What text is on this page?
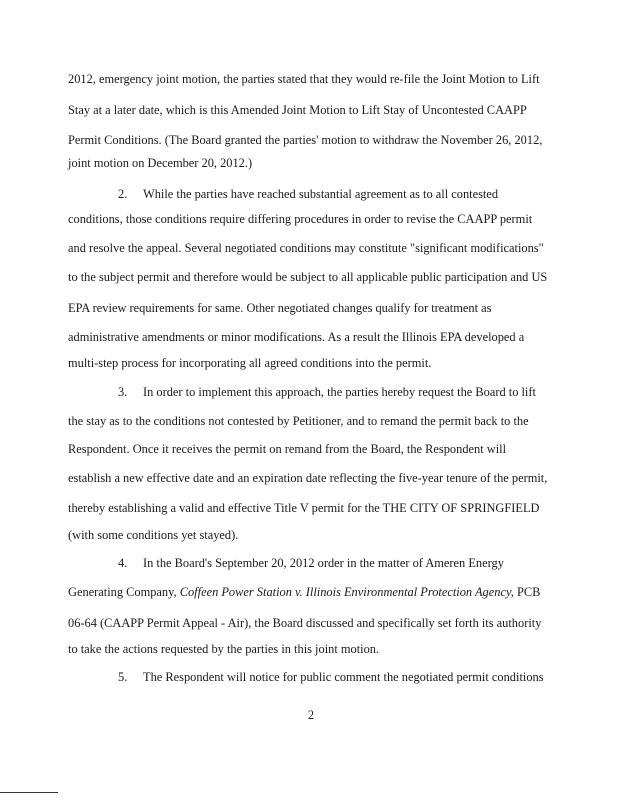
2012, emergency joint motion, the parties stated that they would re-file the Joint Motion to Lift
Stay at a later date, which is this Amended Joint Motion to Lift Stay of Uncontested CAAPP
Permit Conditions. (The Board granted the parties' motion to withdraw the November 26, 2012,
joint motion on December 20, 2012.)
2. While the parties have reached substantial agreement as to all contested
conditions, those conditions require differing procedures in order to revise the CAAPP permit
and resolve the appeal. Several negotiated conditions may constitute "significant modifications"
to the subject permit and therefore would be subject to all applicable public participation and US
EPA review requirements for same. Other negotiated changes qualify for treatment as
administrative amendments or minor modifications. As a result the Illinois EPA developed a
multi-step process for incorporating all agreed conditions into the permit.
3. In order to implement this approach, the parties hereby request the Board to lift
the stay as to the conditions not contested by Petitioner, and to remand the permit back to the
Respondent. Once it receives the permit on remand from the Board, the Respondent will
establish a new effective date and an expiration date reflecting the five-year tenure of the permit,
thereby establishing a valid and effective Title V permit for the THE CITY OF SPRINGFIELD
(with some conditions yet stayed).
4. In the Board's September 20, 2012 order in the matter of Ameren Energy
Generating Company, Coffeen Power Station v. Illinois Environmental Protection Agency, PCB
06-64 (CAAPP Permit Appeal - Air), the Board discussed and specifically set forth its authority
to take the actions requested by the parties in this joint motion.
5. The Respondent will notice for public comment the negotiated permit conditions
2
